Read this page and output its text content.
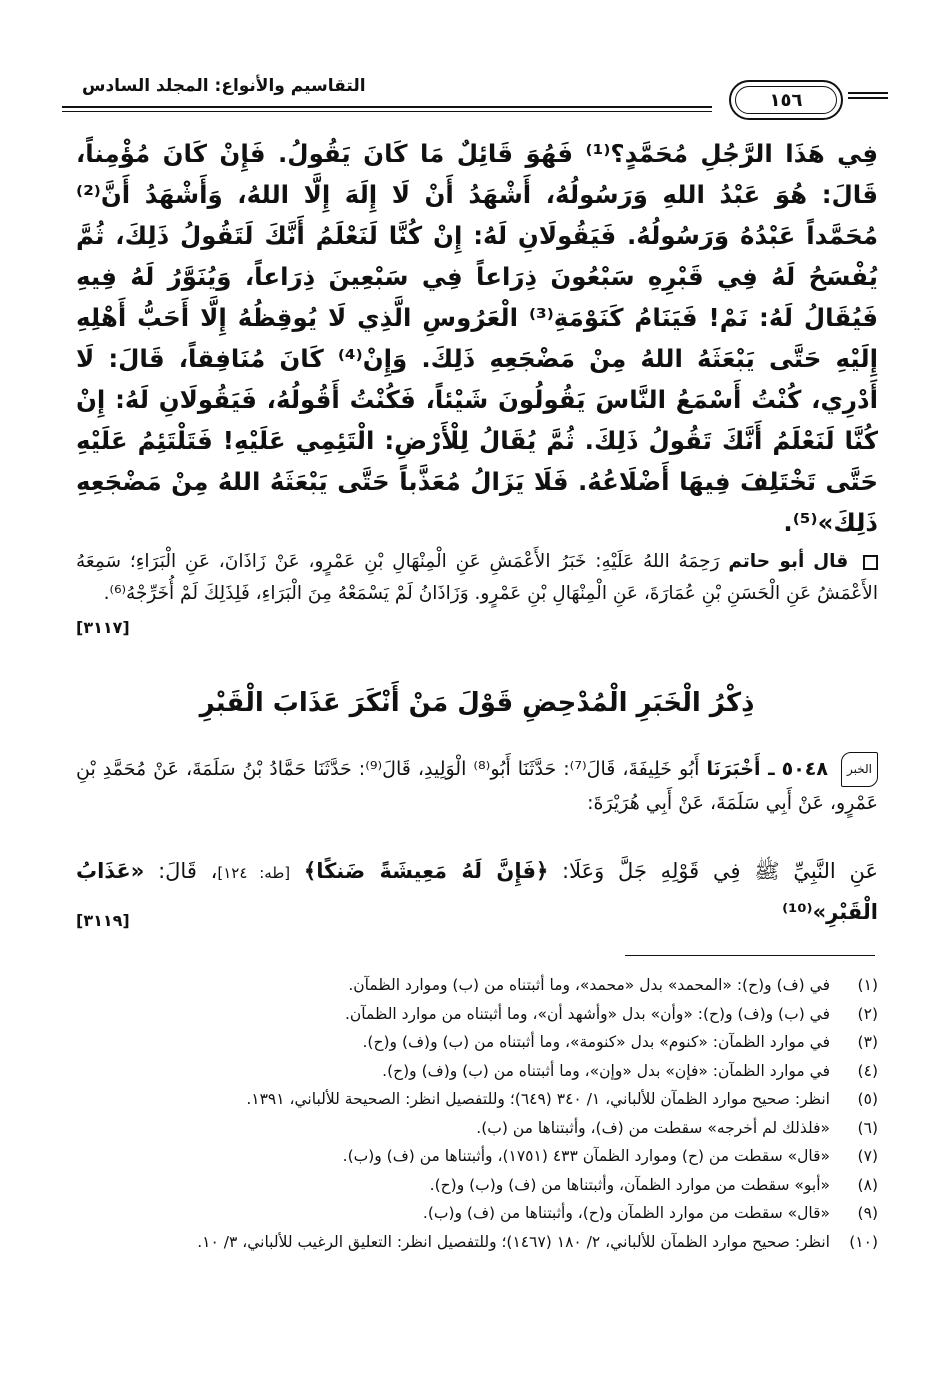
التقاسيم والأنواع: المجلد السادس
١٥٦
فِي هَذَا الرَّجُلِ مُحَمَّدٍ؟⁽¹⁾ فَهُوَ قَائِلٌ مَا كَانَ يَقُولُ. فَإِنْ كَانَ مُؤْمِناً، قَالَ: هُوَ عَبْدُ اللهِ وَرَسُولُهُ، أَشْهَدُ أَنْ لَا إِلَهَ إِلَّا اللهُ، وَأَشْهَدُ أَنَّ⁽²⁾ مُحَمَّداً عَبْدُهُ وَرَسُولُهُ. فَيَقُولَانِ لَهُ: إِنْ كُنَّا لَنَعْلَمُ أَنَّكَ لَتَقُولُ ذَلِكَ، ثُمَّ يُفْسَحُ لَهُ فِي قَبْرِهِ سَبْعُونَ ذِرَاعاً فِي سَبْعِينَ ذِرَاعاً، وَيُنَوَّرُ لَهُ فِيهِ فَيُقَالُ لَهُ: نَمْ! فَيَنَامُ كَنَوْمَةِ⁽³⁾ الْعَرُوسِ الَّذِي لَا يُوقِظُهُ إِلَّا أَحَبُّ أَهْلِهِ إِلَيْهِ حَتَّى يَبْعَثَهُ اللهُ مِنْ مَضْجَعِهِ ذَلِكَ. وَإِنْ⁽⁴⁾ كَانَ مُنَافِقاً، قَالَ: لَا أَدْرِي، كُنْتُ أَسْمَعُ النَّاسَ يَقُولُونَ شَيْئاً، فَكُنْتُ أَقُولُهُ، فَيَقُولَانِ لَهُ: إِنْ كُنَّا لَنَعْلَمُ أَنَّكَ تَقُولُ ذَلِكَ. ثُمَّ يُقَالُ لِلْأَرْضِ: الْتَئِمِي عَلَيْهِ! فَتَلْتَئِمُ عَلَيْهِ حَتَّى تَخْتَلِفَ فِيهَا أَضْلَاعُهُ. فَلَا يَزَالُ مُعَذَّباً حَتَّى يَبْعَثَهُ اللهُ مِنْ مَضْجَعِهِ ذَلِكَ»⁽⁵⁾.
قال أبو حاتم رَحِمَهُ اللهُ عَلَيْهِ: خَبَرُ الأَعْمَشِ عَنِ الْمِنْهَالِ بْنِ عَمْرٍو، عَنْ زَاذَانَ، عَنِ الْبَرَاءِ؛ سَمِعَهُ الأَعْمَشُ عَنِ الْحَسَنِ بْنِ عُمَارَةَ، عَنِ الْمِنْهَالِ بْنِ عَمْرٍو. وَزَاذَانُ لَمْ يَسْمَعْهُ مِنَ الْبَرَاءِ، فَلِذَلِكَ لَمْ أُخَرِّجْهُ⁽⁶⁾.
[٣١١٧]
ذِكْرُ الْخَبَرِ الْمُدْحِضِ قَوْلَ مَنْ أَنْكَرَ عَذَابَ الْقَبْرِ
الخبر ٥٠٤٨ ـ أَخْبَرَنَا أَبُو خَلِيفَةَ، قَالَ⁽⁷⁾: حَدَّثَنَا أَبُو⁽⁸⁾ الْوَلِيدِ، قَالَ⁽⁹⁾: حَدَّثَنَا حَمَّادُ بْنُ سَلَمَةَ، عَنْ مُحَمَّدِ بْنِ عَمْرٍو، عَنْ أَبِي سَلَمَةَ، عَنْ أَبِي هُرَيْرَةَ:
عَنِ النَّبِيِّ ﷺ فِي قَوْلِهِ جَلَّ وَعَلَا: ﴿فَإِنَّ لَهُ مَعِيشَةً ضَنكًا﴾ [طه: ١٢٤]، قَالَ: «عَذَابُ الْقَبْرِ»⁽¹⁰⁾
[٣١١٩]
(١)
في (ف) و(ح): «المحمد» بدل «محمد»، وما أثبتناه من (ب) وموارد الظمآن.
(٢)
في (ب) و(ف) و(ح): «وأن» بدل «وأشهد أن»، وما أثبتناه من موارد الظمآن.
(٣)
في موارد الظمآن: «كنوم» بدل «كنومة»، وما أثبتناه من (ب) و(ف) و(ح).
(٤)
في موارد الظمآن: «فإن» بدل «وإن»، وما أثبتناه من (ب) و(ف) و(ح).
(٥)
انظر: صحيح موارد الظمآن للألباني، ١/ ٣٤٠ (٦٤٩)؛ وللتفصيل انظر: الصحيحة للألباني، ١٣٩١.
(٦)
«فلذلك لم أخرجه» سقطت من (ف)، وأثبتناها من (ب).
(٧)
«قال» سقطت من (ح) وموارد الظمآن ٤٣٣ (١٧٥١)، وأثبتناها من (ف) و(ب).
(٨)
«أبو» سقطت من موارد الظمآن، وأثبتناها من (ف) و(ب) و(ح).
(٩)
«قال» سقطت من موارد الظمآن و(ح)، وأثبتناها من (ف) و(ب).
(١٠)
انظر: صحيح موارد الظمآن للألباني، ٢/ ١٨٠ (١٤٦٧)؛ وللتفصيل انظر: التعليق الرغيب للألباني، ٣/ ١٠.
